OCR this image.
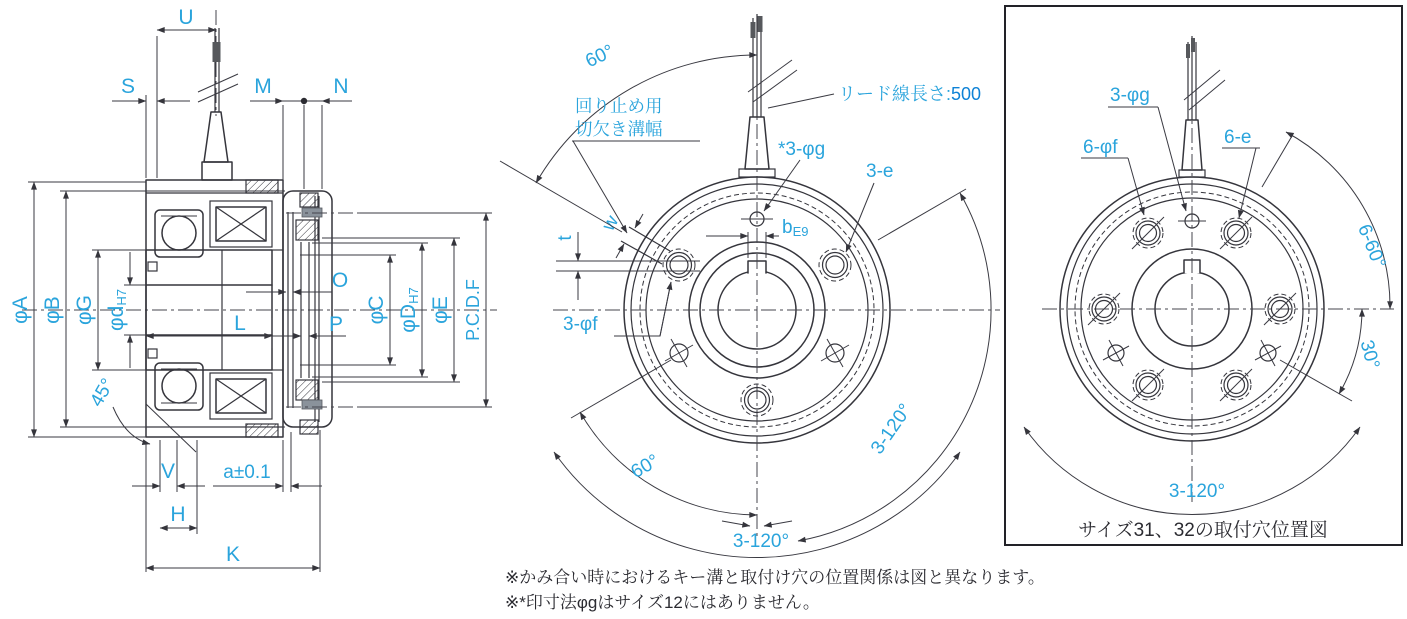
U
S	M	N
φA φB φG φdH7
L
O
P
φC φDH7
φE P.C.D.F
45°
V
H
a±0.1
K
w
t	bE9
60°
60°
3-120°
3-120°
*3-φg
3-e
リード線長さ:500
回り止め用
切欠き溝幅
3-φf
3-φg
6-φf	6-e
6-60°
30°
3-120°
サイズ31、32の取付穴位置図
※かみ合い時におけるキー溝と取付け穴の位置関係は図と異なります。
※*印寸法φgはサイズ12にはありません。
